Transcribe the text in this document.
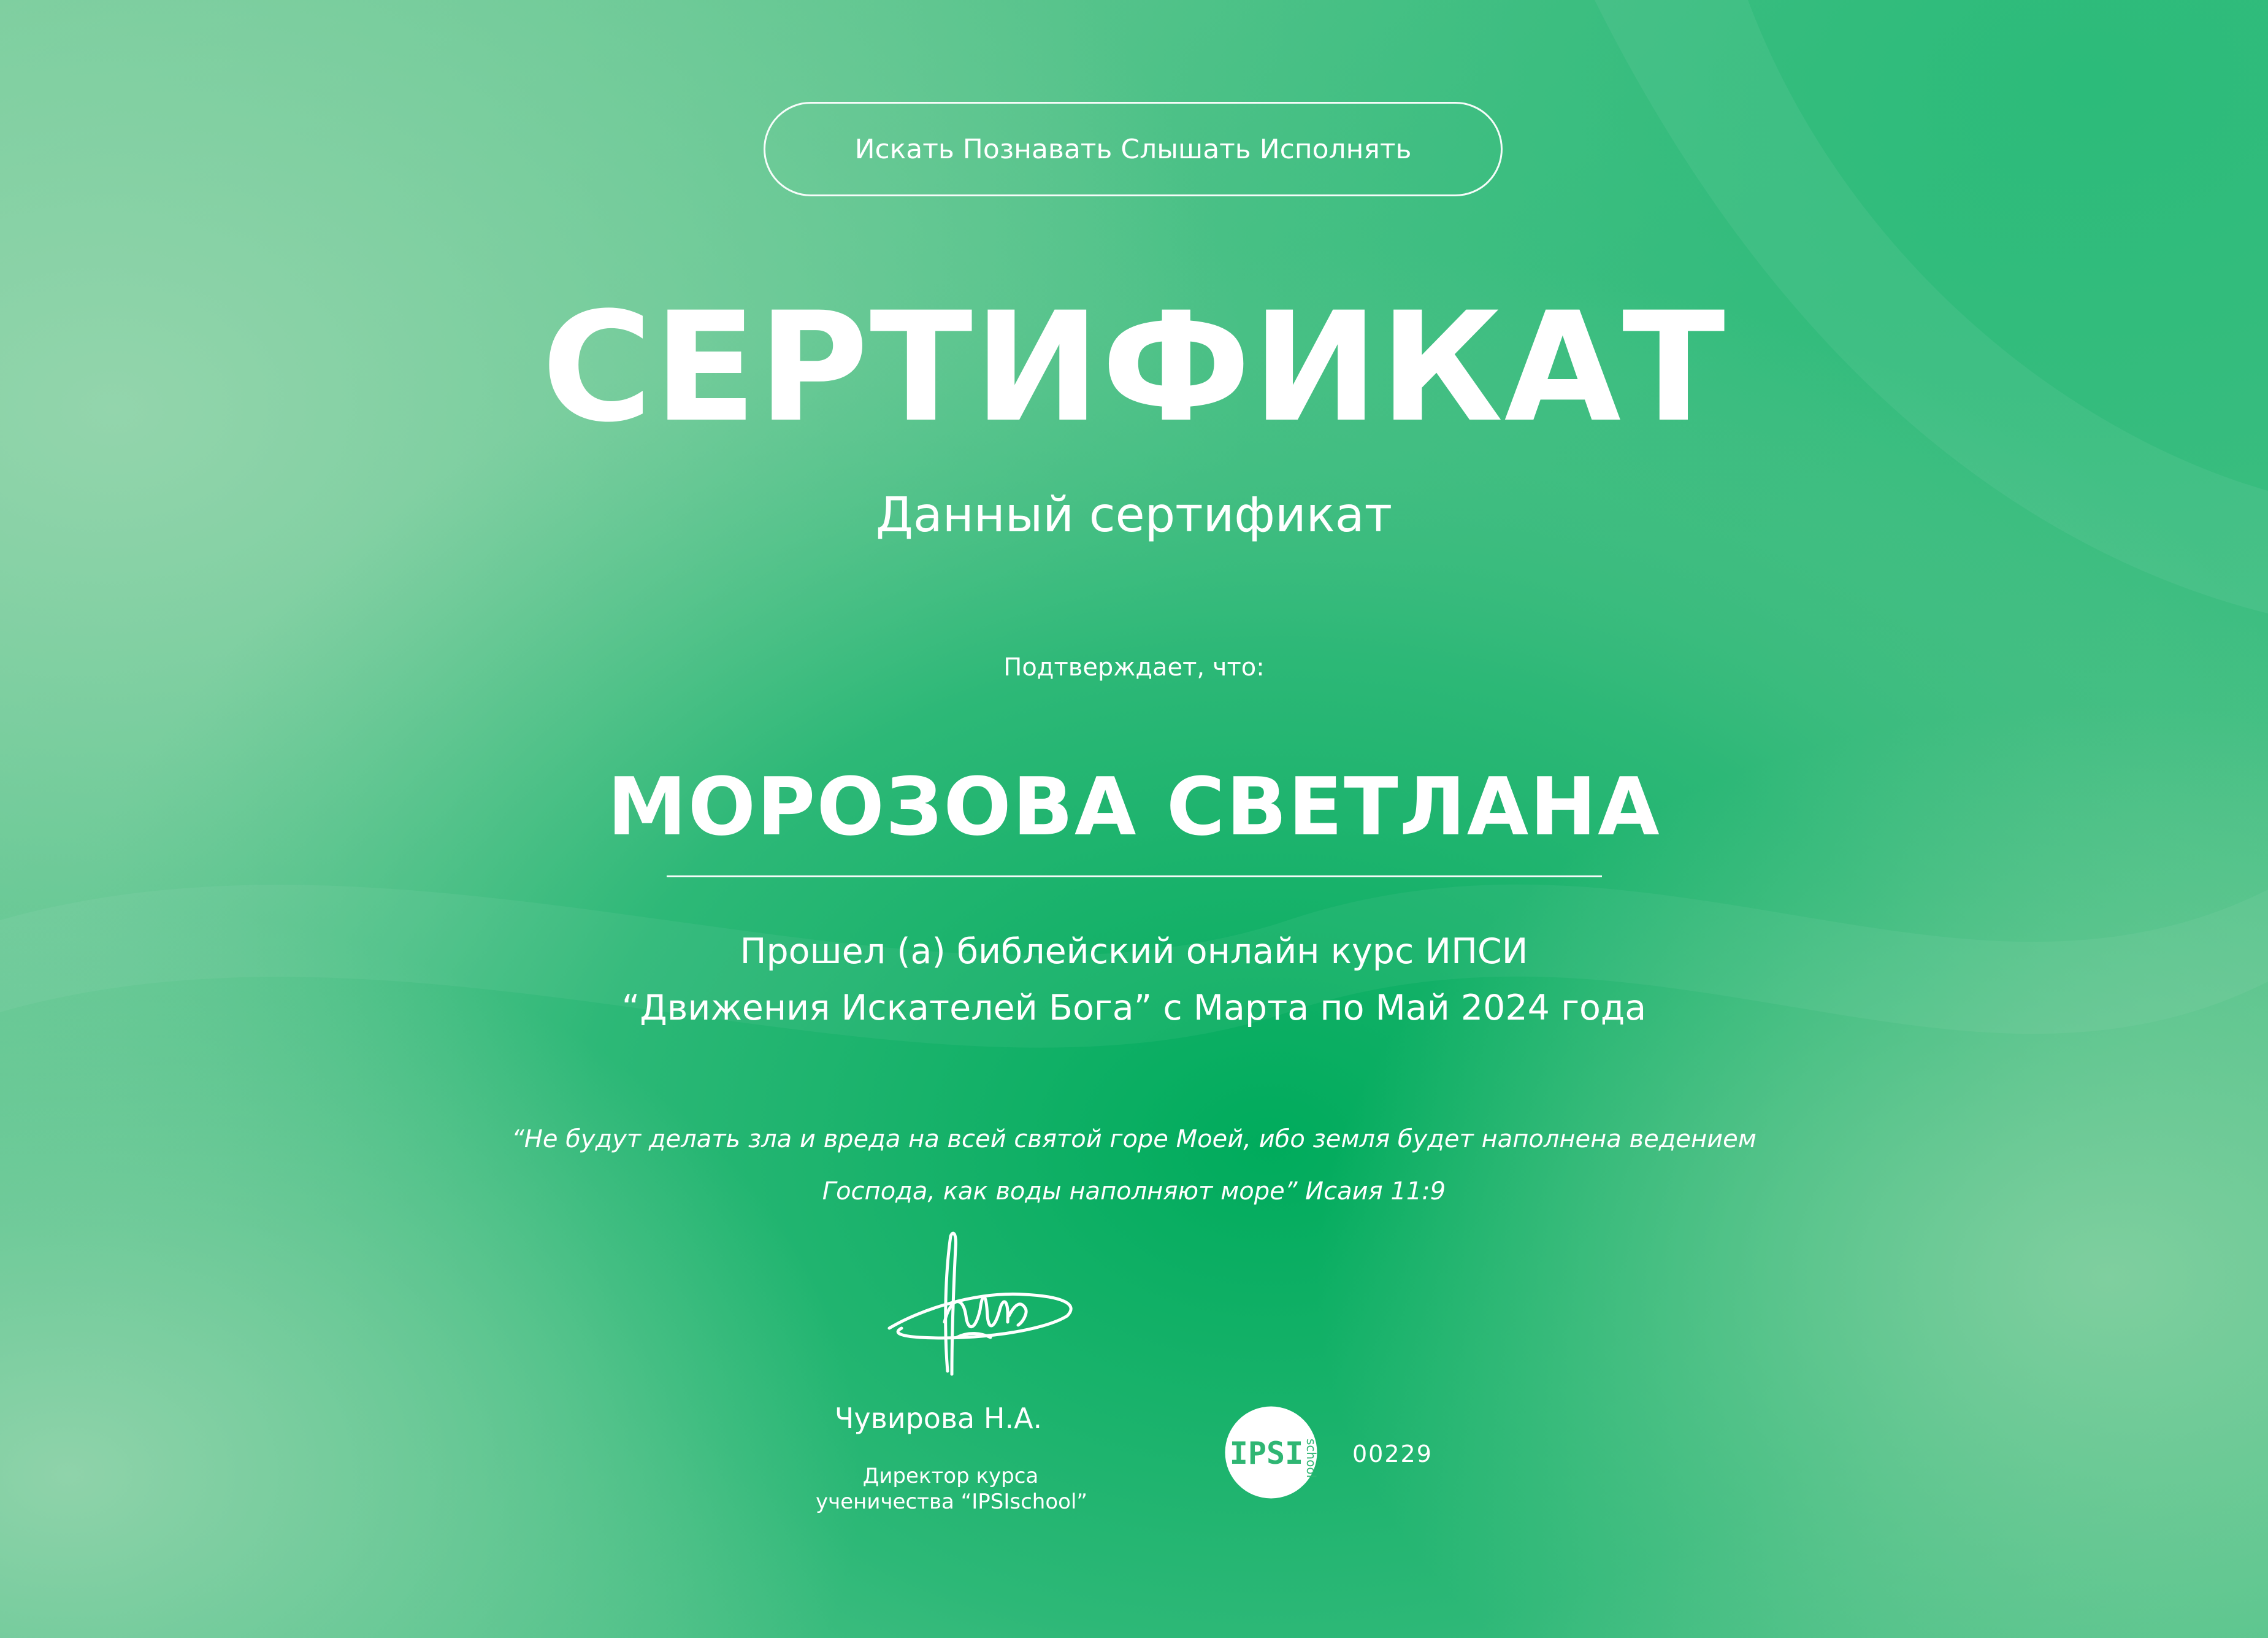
Искать Познавать Слышать Исполнять
СЕРТИФИКАТ
Данный сертификат
Подтверждает, что:
МОРОЗОВА СВЕТЛАНА
Прошел (а) библейский онлайн курс ИПСИ
“Движения Искателей Бога” с Марта по Май 2024 года
“Не будут делать зла и вреда на всей святой горе Моей, ибо земля будет наполнена ведением
Господа, как воды наполняют море” Исаия 11:9
Чувирова Н.А.
Директор курса
ученичества “IPSIschool”
IPSI school 00229
